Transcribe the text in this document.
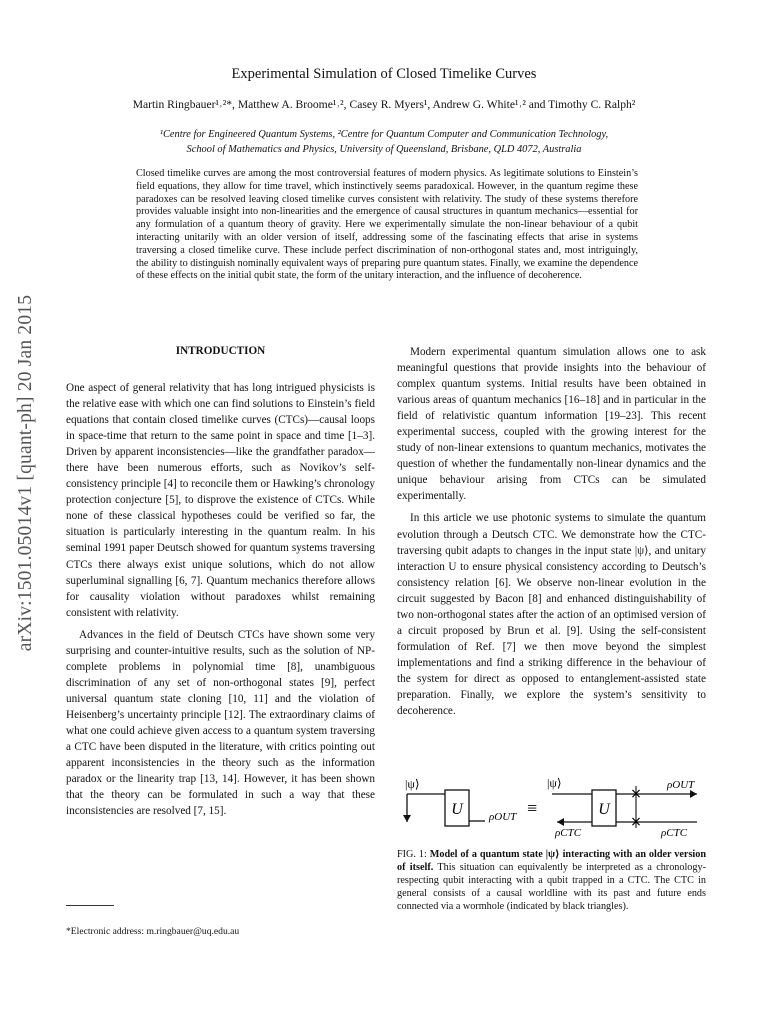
arXiv:1501.05014v1 [quant-ph] 20 Jan 2015
Experimental Simulation of Closed Timelike Curves
Martin Ringbauer¹˒²*, Matthew A. Broome¹˒², Casey R. Myers¹, Andrew G. White¹˒² and Timothy C. Ralph²
¹Centre for Engineered Quantum Systems, ²Centre for Quantum Computer and Communication Technology,
School of Mathematics and Physics, University of Queensland, Brisbane, QLD 4072, Australia
Closed timelike curves are among the most controversial features of modern physics. As legitimate solutions to Einstein’s field equations, they allow for time travel, which instinctively seems paradoxical. However, in the quantum regime these paradoxes can be resolved leaving closed timelike curves consistent with relativity. The study of these systems therefore provides valuable insight into non-linearities and the emergence of causal structures in quantum mechanics—essential for any formulation of a quantum theory of gravity. Here we experimentally simulate the non-linear behaviour of a qubit interacting unitarily with an older version of itself, addressing some of the fascinating effects that arise in systems traversing a closed timelike curve. These include perfect discrimination of non-orthogonal states and, most intriguingly, the ability to distinguish nominally equivalent ways of preparing pure quantum states. Finally, we examine the dependence of these effects on the initial qubit state, the form of the unitary interaction, and the influence of decoherence.
INTRODUCTION

One aspect of general relativity that has long intrigued physicists is the relative ease with which one can find solutions to Einstein’s field equations that contain closed timelike curves (CTCs)—causal loops in space-time that return to the same point in space and time [1–3]. Driven by apparent inconsistencies—like the grandfather paradox—there have been numerous efforts, such as Novikov’s self-consistency principle [4] to reconcile them or Hawking’s chronology protection conjecture [5], to disprove the existence of CTCs. While none of these classical hypotheses could be verified so far, the situation is particularly interesting in the quantum realm. In his seminal 1991 paper Deutsch showed for quantum systems traversing CTCs there always exist unique solutions, which do not allow superluminal signalling [6, 7]. Quantum mechanics therefore allows for causality violation without paradoxes whilst remaining consistent with relativity.

Advances in the field of Deutsch CTCs have shown some very surprising and counter-intuitive results, such as the solution of NP-complete problems in polynomial time [8], unambiguous discrimination of any set of non-orthogonal states [9], perfect universal quantum state cloning [10, 11] and the violation of Heisenberg’s uncertainty principle [12]. The extraordinary claims of what one could achieve given access to a quantum system traversing a CTC have been disputed in the literature, with critics pointing out apparent inconsistencies in the theory such as the information paradox or the linearity trap [13, 14]. However, it has been shown that the theory can be formulated in such a way that these inconsistencies are resolved [7, 15].

Modern experimental quantum simulation allows one to ask meaningful questions that provide insights into the behaviour of complex quantum systems. Initial results have been obtained in various areas of quantum mechanics [16–18] and in particular in the field of relativistic quantum information [19–23]. This recent experimental success, coupled with the growing interest for the study of non-linear extensions to quantum mechanics, motivates the question of whether the fundamentally non-linear dynamics and the unique behaviour arising from CTCs can be simulated experimentally.

In this article we use photonic systems to simulate the quantum evolution through a Deutsch CTC. We demonstrate how the CTC-traversing qubit adapts to changes in the input state |ψ⟩, and unitary interaction U to ensure physical consistency according to Deutsch’s consistency relation [6]. We observe non-linear evolution in the circuit suggested by Bacon [8] and enhanced distinguishability of two non-orthogonal states after the action of an optimised version of a circuit proposed by Brun et al. [9]. Using the self-consistent formulation of Ref. [7] we then move beyond the simplest implementations and find a striking difference in the behaviour of the system for direct as opposed to entanglement-assisted state preparation. Finally, we explore the system’s sensitivity to decoherence.

U
|ψ⟩
ρOUT ≡
|ψ⟩
U
×
×
ρOUT
ρCTC	ρCTC
FIG. 1: Model of a quantum state |ψ⟩ interacting with an older version of itself. This situation can equivalently be interpreted as a chronology-respecting qubit interacting with a qubit trapped in a CTC. The CTC in general consists of a causal worldline with its past and future ends connected via a wormhole (indicated by black triangles).
*Electronic address: m.ringbauer@uq.edu.au
